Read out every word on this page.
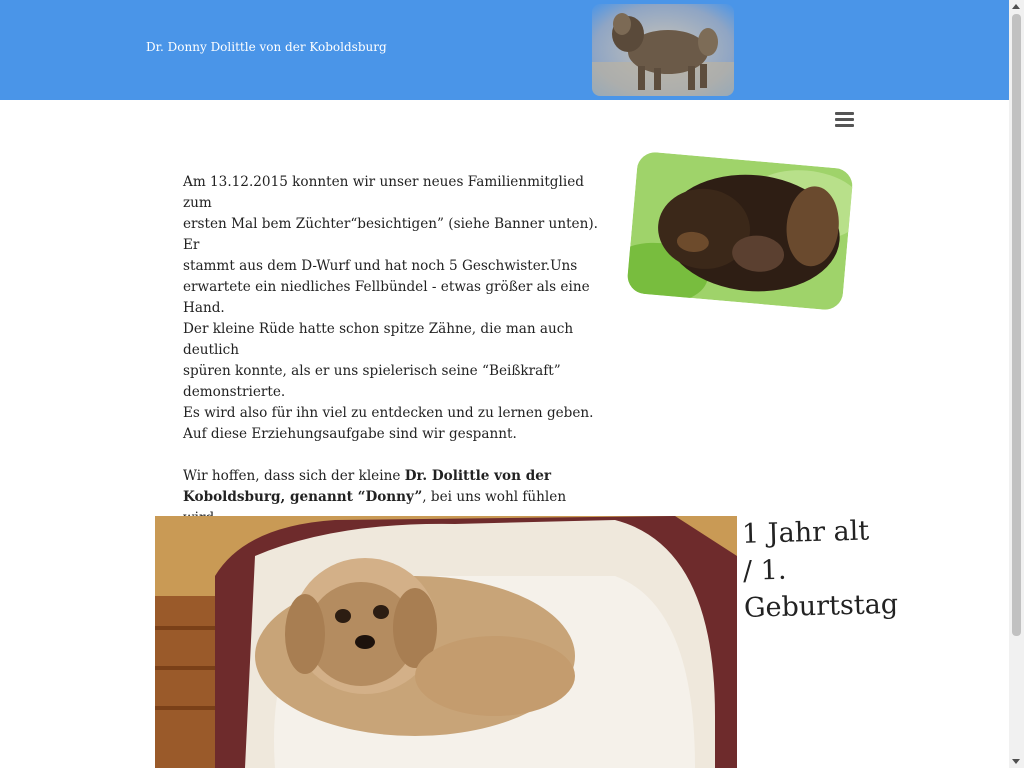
Dr. Donny Dolittle von der Koboldsburg

Am 13.12.2015 konnten wir unser neues Familienmitglied zum
ersten Mal bem Züchter“besichtigen” (siehe Banner unten). Er
stammt aus dem D-Wurf und hat noch 5 Geschwister.Uns
erwartete ein niedliches Fellbündel - etwas größer als eine Hand.
Der kleine Rüde hatte schon spitze Zähne, die man auch deutlich
spüren konnte, als er uns spielerisch seine “Beißkraft”
demonstrierte.
Es wird also für ihn viel zu entdecken und zu lernen geben.
Auf diese Erziehungsaufgabe sind wir gespannt.

Wir hoffen, dass sich der kleine Dr. Dolittle von der Koboldsburg, genannt “Donny”, bei uns wohl fühlen

1 Jahr alt
/ 1.
Geburtstag
